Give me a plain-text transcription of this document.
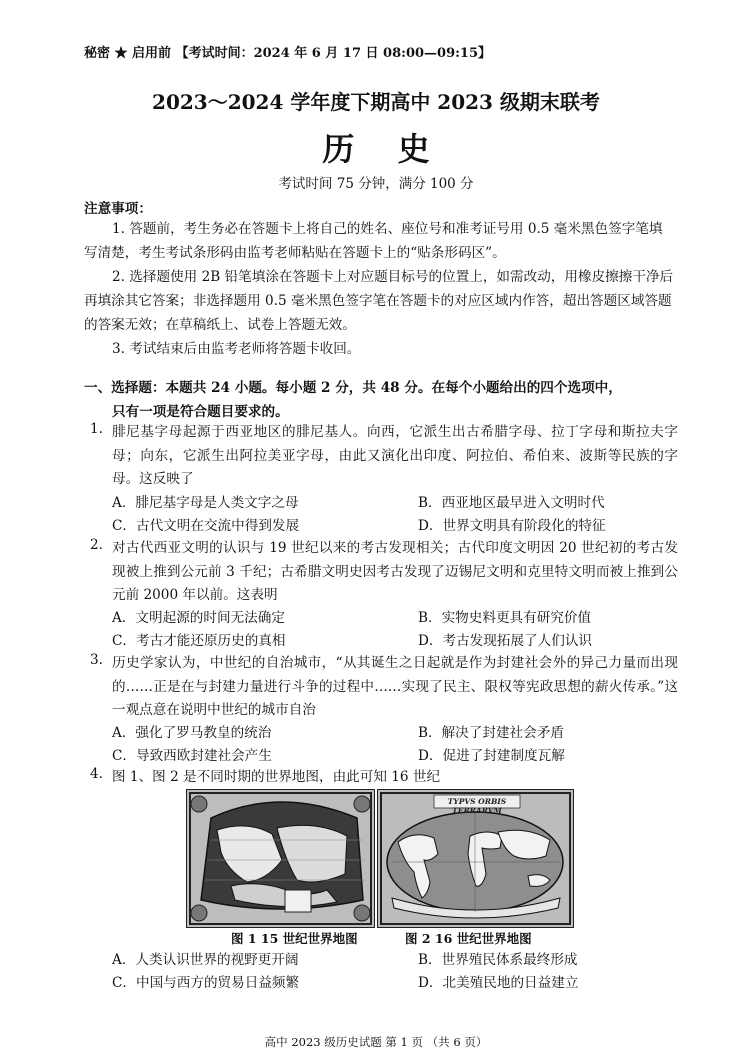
秘密 ★ 启用前 【考试时间：2024 年 6 月 17 日 08:00—09:15】
2023～2024 学年度下期高中 2023 级期末联考
历 史
考试时间 75 分钟，满分 100 分
注意事项：
1. 答题前，考生务必在答题卡上将自己的姓名、座位号和准考证号用 0.5 毫米黑色签字笔填写清楚，考生考试条形码由监考老师粘贴在答题卡上的“贴条形码区”。
2. 选择题使用 2B 铅笔填涂在答题卡上对应题目标号的位置上，如需改动，用橡皮擦擦干净后再填涂其它答案；非选择题用 0.5 毫米黑色签字笔在答题卡的对应区域内作答，超出答题区域答题的答案无效；在草稿纸上、试卷上答题无效。
3. 考试结束后由监考老师将答题卡收回。
一、选择题：本题共 24 小题。每小题 2 分，共 48 分。在每个小题给出的四个选项中，
只有一项是符合题目要求的。
1. 腓尼基字母起源于西亚地区的腓尼基人。向西，它派生出古希腊字母、拉丁字母和斯拉夫字母；向东，它派生出阿拉美亚字母，由此又演化出印度、阿拉伯、希伯来、波斯等民族的字母。这反映了
A．腓尼基字母是人类文字之母	B．西亚地区最早进入文明时代
C．古代文明在交流中得到发展	D．世界文明具有阶段化的特征
2. 对古代西亚文明的认识与 19 世纪以来的考古发现相关；古代印度文明因 20 世纪初的考古发现被上推到公元前 3 千纪；古希腊文明史因考古发现了迈锡尼文明和克里特文明而被上推到公元前 2000 年以前。这表明
A．文明起源的时间无法确定	B．实物史料更具有研究价值
C．考古才能还原历史的真相	D．考古发现拓展了人们认识
3. 历史学家认为，中世纪的自治城市，“从其诞生之日起就是作为封建社会外的异己力量而出现的……正是在与封建力量进行斗争的过程中……实现了民主、限权等宪政思想的薪火传承。”这一观点意在说明中世纪的城市自治
A．强化了罗马教皇的统治	B．解决了封建社会矛盾
C．导致西欧封建社会产生	D．促进了封建制度瓦解
4. 图 1、图 2 是不同时期的世界地图，由此可知 16 世纪
TYPVS ORBIS TERRARVM
图 1 15 世纪世界地图	图 2 16 世纪世界地图
A．人类认识世界的视野更开阔	B．世界殖民体系最终形成
C．中国与西方的贸易日益频繁	D．北美殖民地的日益建立
高中 2023 级历史试题 第 1 页 （共 6 页）
